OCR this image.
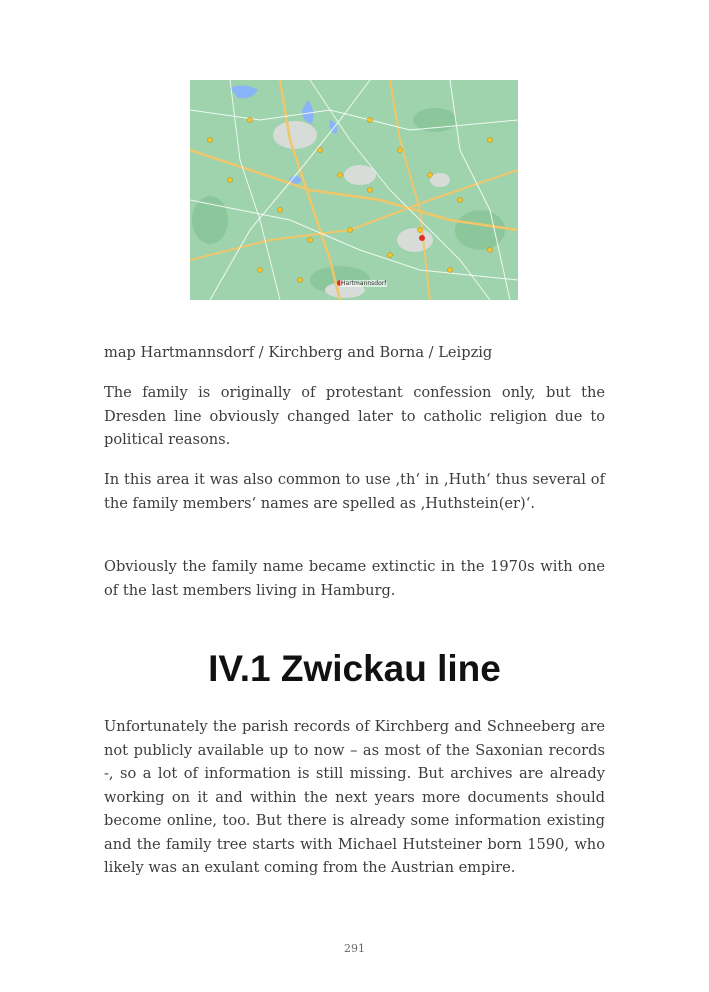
Hartmannsdorf

map Hartmannsdorf / Kirchberg and Borna / Leipzig

The family is originally of protestant confession only, but the Dresden line obviously changed later to catholic religion due to political reasons.

In this area it was also common to use ‚th‘ in ‚Huth‘ thus several of the family members‘ names are spelled as ‚Huthstein(er)‘.

Obviously the family name became extinctic in the 1970s with one of the last members living in Hamburg.

IV.1 Zwickau line

Unfortunately the parish records of Kirchberg and Schneeberg are not publicly available up to now – as most of the Saxonian records -, so a lot of information is still missing. But archives are already working on it and within the next years more documents should become online, too. But there is already some information existing and the family tree starts with Michael Hutsteiner born 1590, who likely was an exulant coming from the Austrian empire.

291
